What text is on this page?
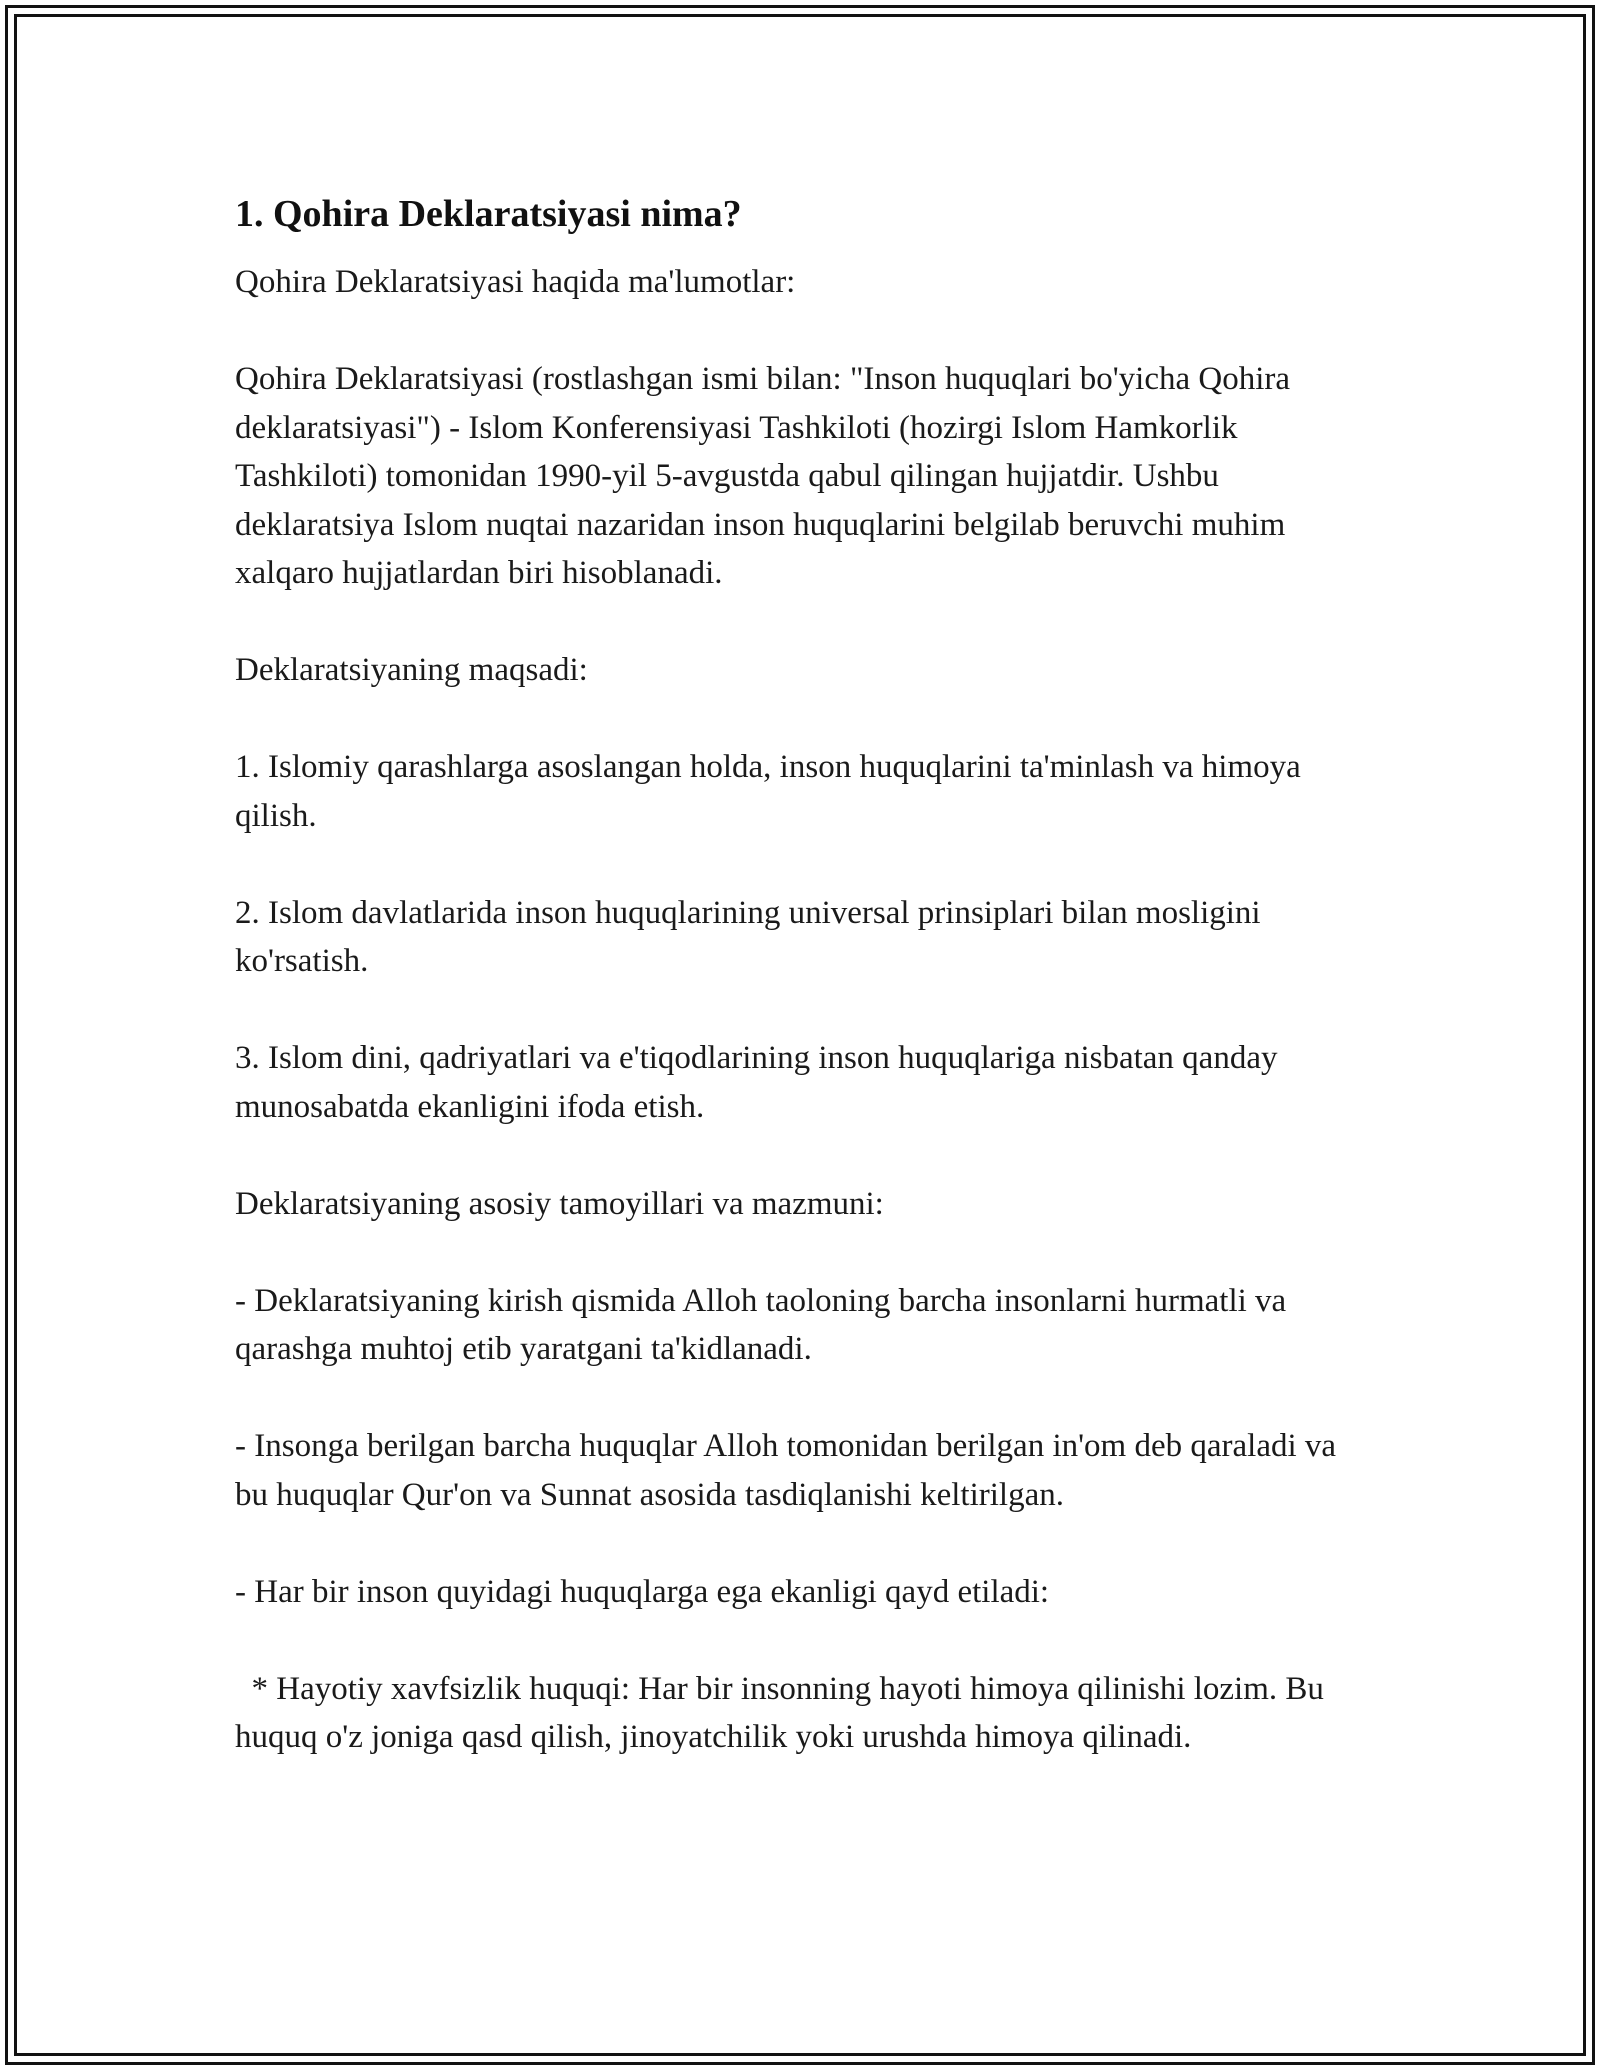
1. Qohira Deklaratsiyasi nima?

Qohira Deklaratsiyasi haqida ma'lumotlar:

Qohira Deklaratsiyasi (rostlashgan ismi bilan: "Inson huquqlari bo'yicha Qohira deklaratsiyasi") - Islom Konferensiyasi Tashkiloti (hozirgi Islom Hamkorlik Tashkiloti) tomonidan 1990-yil 5-avgustda qabul qilingan hujjatdir. Ushbu deklaratsiya Islom nuqtai nazaridan inson huquqlarini belgilab beruvchi muhim xalqaro hujjatlardan biri hisoblanadi.

Deklaratsiyaning maqsadi:

1. Islomiy qarashlarga asoslangan holda, inson huquqlarini ta'minlash va himoya qilish.

2. Islom davlatlarida inson huquqlarining universal prinsiplari bilan mosligini ko'rsatish.

3. Islom dini, qadriyatlari va e'tiqodlarining inson huquqlariga nisbatan qanday munosabatda ekanligini ifoda etish.

Deklaratsiyaning asosiy tamoyillari va mazmuni:

- Deklaratsiyaning kirish qismida Alloh taoloning barcha insonlarni hurmatli va qarashga muhtoj etib yaratgani ta'kidlanadi.

- Insonga berilgan barcha huquqlar Alloh tomonidan berilgan in'om deb qaraladi va bu huquqlar Qur'on va Sunnat asosida tasdiqlanishi keltirilgan.

- Har bir inson quyidagi huquqlarga ega ekanligi qayd etiladi:

* Hayotiy xavfsizlik huquqi: Har bir insonning hayoti himoya qilinishi lozim. Bu huquq o'z joniga qasd qilish, jinoyatchilik yoki urushda himoya qilinadi.
